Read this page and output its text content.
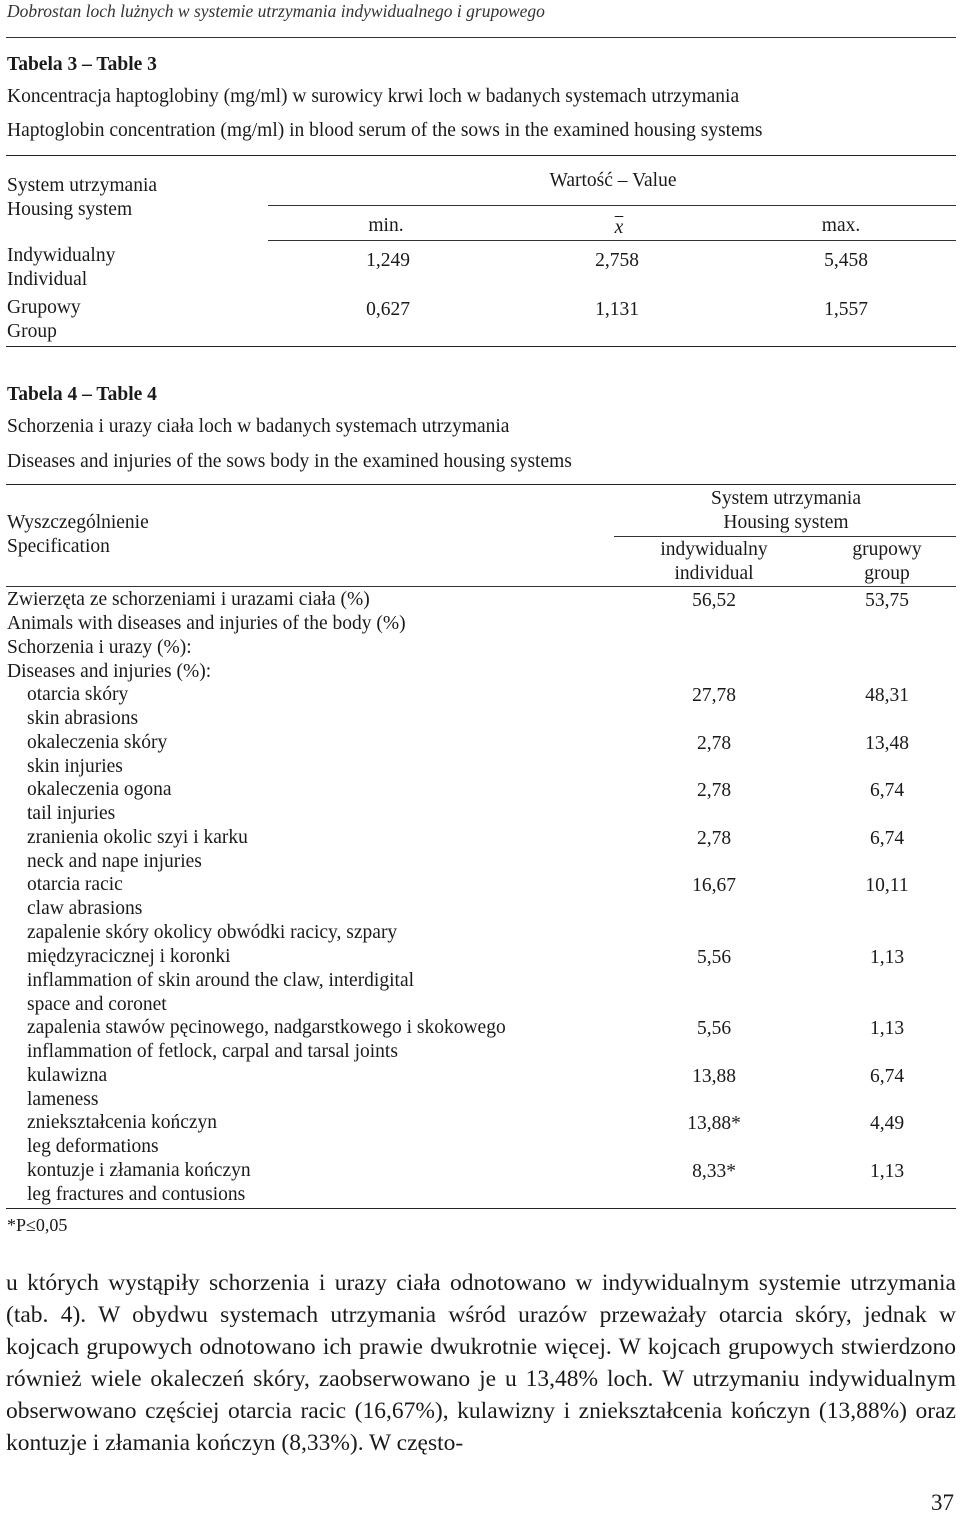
Dobrostan loch lużnych w systemie utrzymania indywidualnego i grupowego
Tabela 3 – Table 3
Koncentracja haptoglobiny (mg/ml) w surowicy krwi loch w badanych systemach utrzymania
Haptoglobin concentration (mg/ml) in blood serum of the sows in the examined housing systems
System utrzymania
Housing system
Wartość – Value
min.	$\overline{x}$	max.
Indywidualny
Individual
1,249	2,758	5,458
Grupowy
Group
0,627	1,131	1,557
Tabela 4 – Table 4
Schorzenia i urazy ciała loch w badanych systemach utrzymania
Diseases and injuries of the sows body in the examined housing systems
Wyszczególnienie
Specification
System utrzymania
Housing system
indywidualny
individual
grupowy
group
Zwierzęta ze schorzeniami i urazami ciała (%)
Animals with diseases and injuries of the body (%)
56,52	53,75
Schorzenia i urazy (%):
Diseases and injuries (%):
otarcia skóry
skin abrasions
27,78	48,31
okaleczenia skóry
skin injuries
2,78	13,48
okaleczenia ogona
tail injuries
2,78	6,74
zranienia okolic szyi i karku
neck and nape injuries
2,78	6,74
otarcia racic
claw abrasions
16,67	10,11
zapalenie skóry okolicy obwódki racicy, szpary
międzyracicznej i koronki
inflammation of skin around the claw, interdigital
space and coronet
5,56	1,13
zapalenia stawów pęcinowego, nadgarstkowego i skokowego
inflammation of fetlock, carpal and tarsal joints
5,56	1,13
kulawizna
lameness
13,88	6,74
zniekształcenia kończyn
leg deformations
13,88*	4,49
kontuzje i złamania kończyn
leg fractures and contusions
8,33*	1,13
*P≤0,05
u których wystąpiły schorzenia i urazy ciała odnotowano w indywidualnym systemie utrzymania (tab. 4). W obydwu systemach utrzymania wśród urazów przeważały otarcia skóry, jednak w kojcach grupowych odnotowano ich prawie dwukrotnie więcej. W kojcach grupowych stwierdzono również wiele okaleczeń skóry, zaobserwowano je u 13,48% loch. W utrzymaniu indywidualnym obserwowano częściej otarcia racic (16,67%), kulawizny i zniekształcenia kończyn (13,88%) oraz kontuzje i złamania kończyn (8,33%). W często-
37
